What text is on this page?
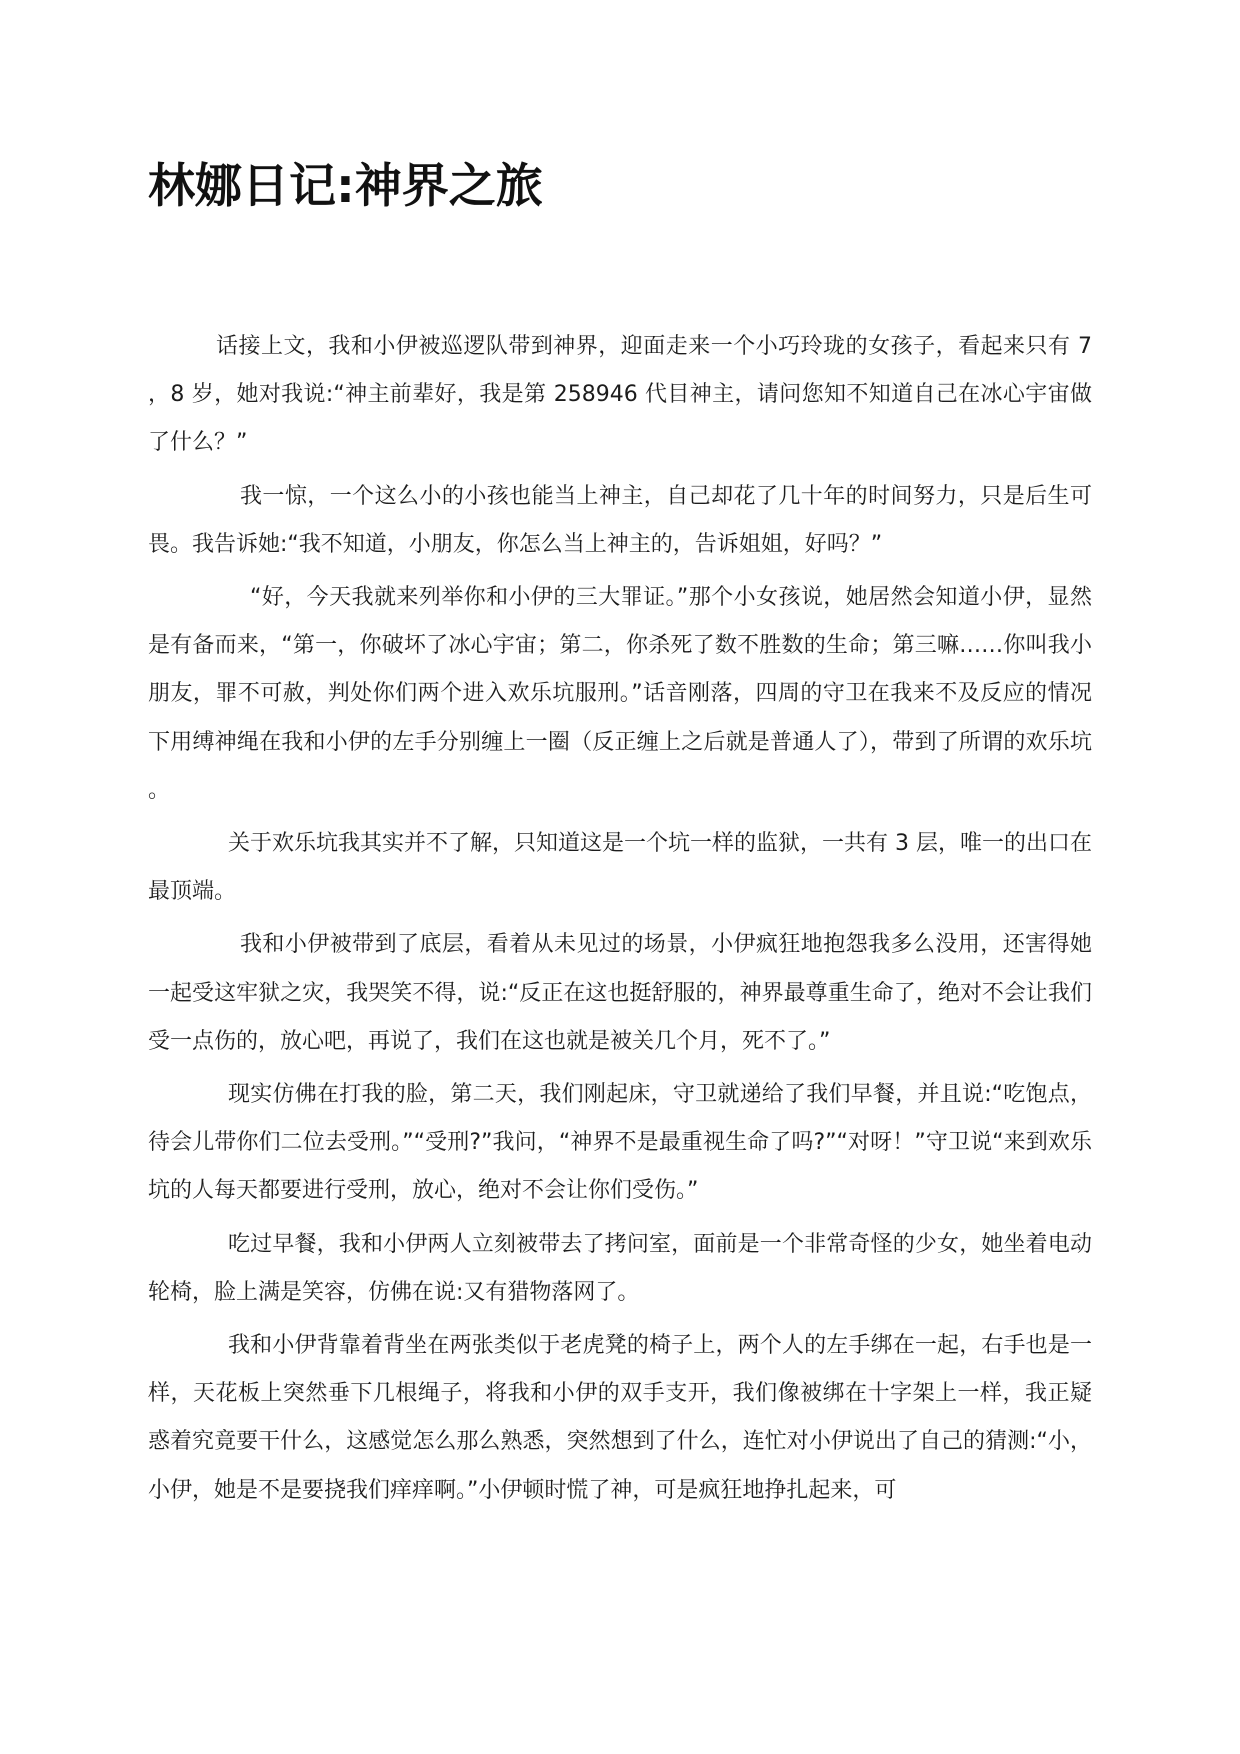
林娜日记:神界之旅

话接上文，我和小伊被巡逻队带到神界，迎面走来一个小巧玲珑的女孩子，看起来只有 7，8 岁，她对我说:“神主前辈好，我是第 258946 代目神主，请问您知不知道自己在冰心宇宙做了什么？”

我一惊，一个这么小的小孩也能当上神主，自己却花了几十年的时间努力，只是后生可畏。我告诉她:“我不知道，小朋友，你怎么当上神主的，告诉姐姐，好吗？”

“好，今天我就来列举你和小伊的三大罪证。”那个小女孩说，她居然会知道小伊，显然是有备而来，“第一，你破坏了冰心宇宙；第二，你杀死了数不胜数的生命；第三嘛……你叫我小朋友，罪不可赦，判处你们两个进入欢乐坑服刑。”话音刚落，四周的守卫在我来不及反应的情况下用缚神绳在我和小伊的左手分别缠上一圈（反正缠上之后就是普通人了），带到了所谓的欢乐坑。

关于欢乐坑我其实并不了解，只知道这是一个坑一样的监狱，一共有 3 层，唯一的出口在最顶端。

我和小伊被带到了底层，看着从未见过的场景，小伊疯狂地抱怨我多么没用，还害得她一起受这牢狱之灾，我哭笑不得，说:“反正在这也挺舒服的，神界最尊重生命了，绝对不会让我们受一点伤的，放心吧，再说了，我们在这也就是被关几个月，死不了。”

现实仿佛在打我的脸，第二天，我们刚起床，守卫就递给了我们早餐，并且说:“吃饱点，待会儿带你们二位去受刑。”“受刑?”我问，“神界不是最重视生命了吗?”“对呀！”守卫说“来到欢乐坑的人每天都要进行受刑，放心，绝对不会让你们受伤。”

吃过早餐，我和小伊两人立刻被带去了拷问室，面前是一个非常奇怪的少女，她坐着电动轮椅，脸上满是笑容，仿佛在说:又有猎物落网了。

我和小伊背靠着背坐在两张类似于老虎凳的椅子上，两个人的左手绑在一起，右手也是一样，天花板上突然垂下几根绳子，将我和小伊的双手支开，我们像被绑在十字架上一样，我正疑惑着究竟要干什么，这感觉怎么那么熟悉，突然想到了什么，连忙对小伊说出了自己的猜测:“小，小伊，她是不是要挠我们痒痒啊。”小伊顿时慌了神，可是疯狂地挣扎起来，可
